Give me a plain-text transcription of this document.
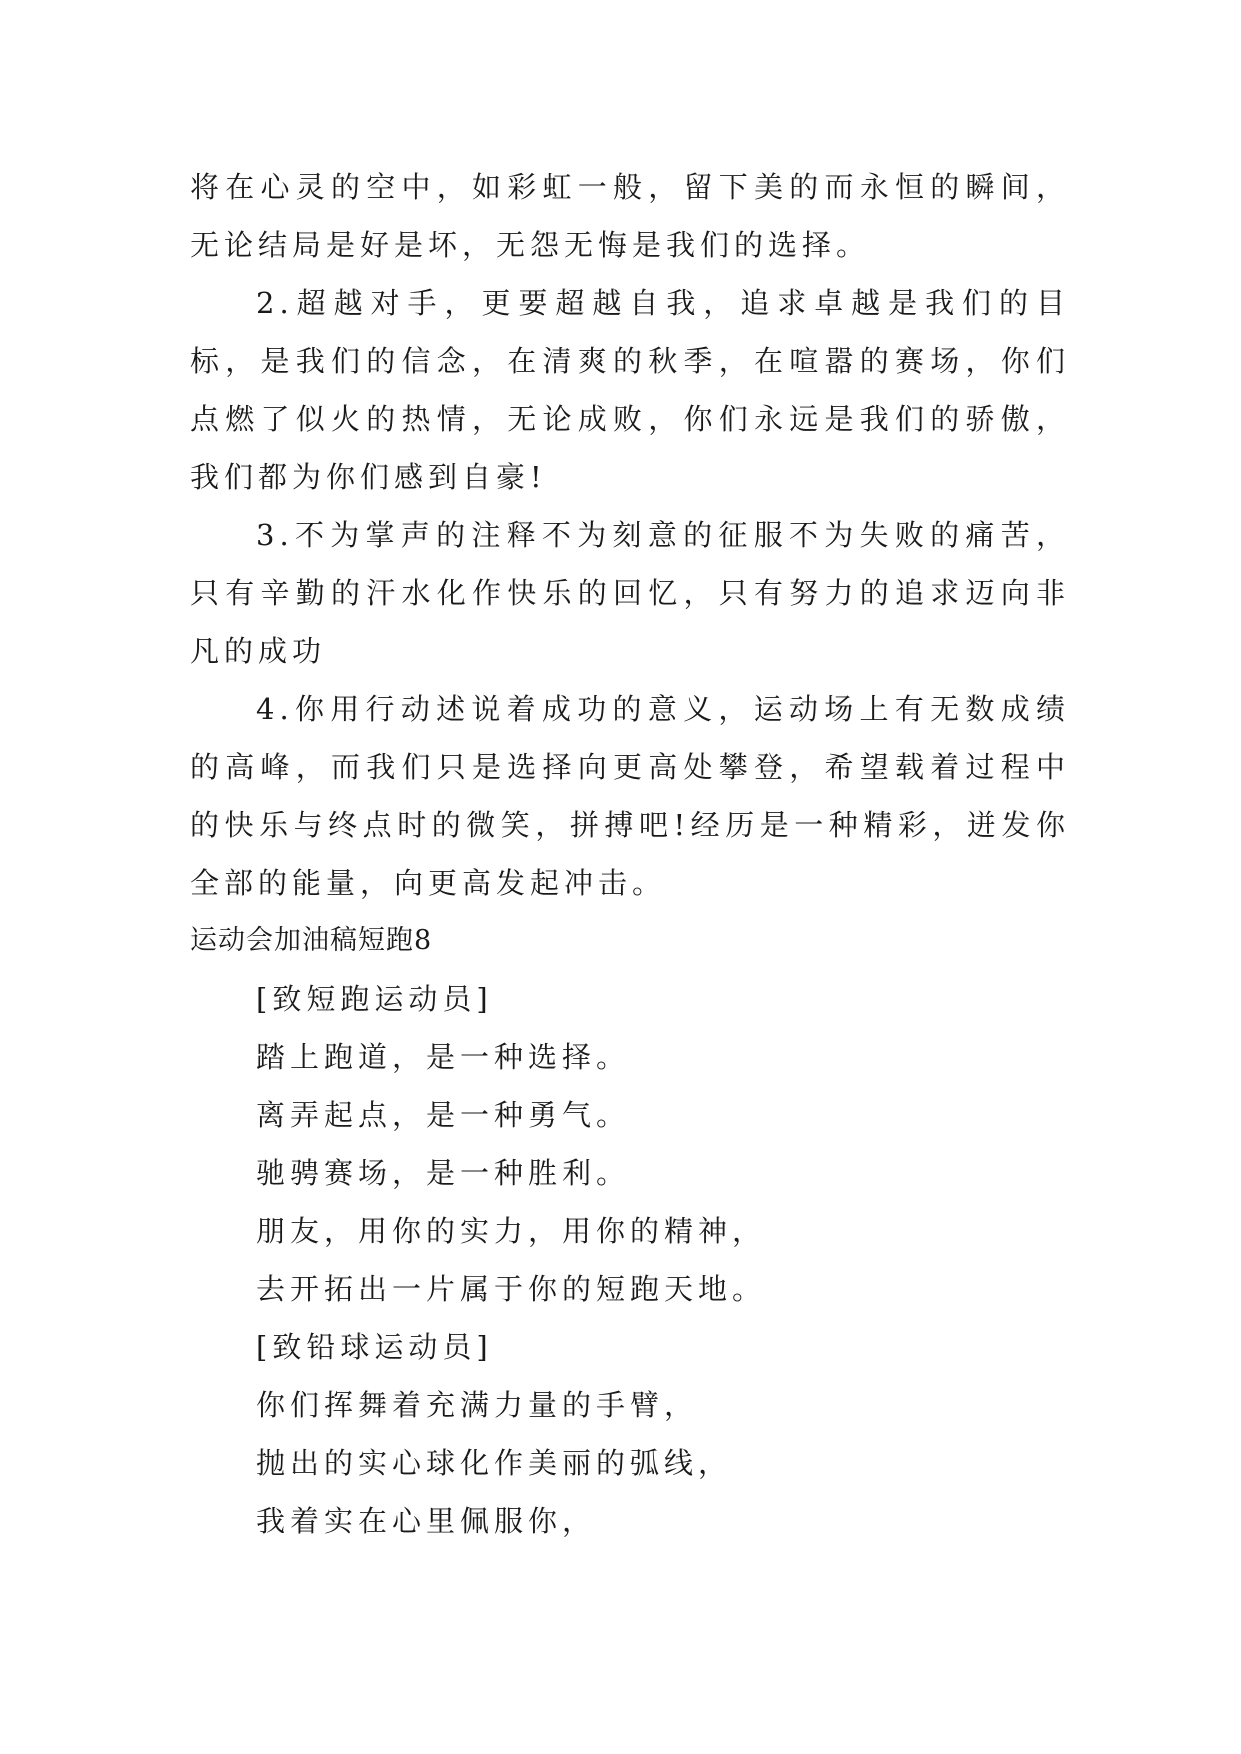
将在心灵的空中，如彩虹一般，留下美的而永恒的瞬间，无论结局是好是坏，无怨无悔是我们的选择。

2.超越对手，更要超越自我，追求卓越是我们的目标，是我们的信念，在清爽的秋季，在喧嚣的赛场，你们点燃了似火的热情，无论成败，你们永远是我们的骄傲，我们都为你们感到自豪!

3.不为掌声的注释不为刻意的征服不为失败的痛苦，只有辛勤的汗水化作快乐的回忆，只有努力的追求迈向非凡的成功

4.你用行动述说着成功的意义，运动场上有无数成绩的高峰，而我们只是选择向更高处攀登，希望载着过程中的快乐与终点时的微笑，拼搏吧!经历是一种精彩，迸发你全部的能量，向更高发起冲击。

运动会加油稿短跑8

[致短跑运动员]

踏上跑道，是一种选择。

离弄起点，是一种勇气。

驰骋赛场，是一种胜利。

朋友，用你的实力，用你的精神，

去开拓出一片属于你的短跑天地。

[致铅球运动员]

你们挥舞着充满力量的手臂，

抛出的实心球化作美丽的弧线，

我着实在心里佩服你，
